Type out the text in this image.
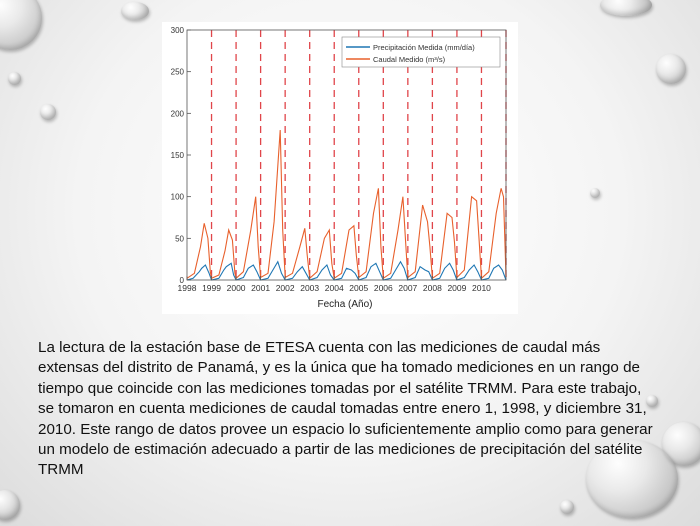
0
50
100
150
200
250
300
1998 1999 2000 2001 2002 2003 2004 2005 2006 2007 2008 2009 2010
Precipitación Medida (mm/día)
Caudal Medido (m³/s)
Fecha (Año)

La lectura de la estación base de ETESA cuenta con las mediciones de caudal más extensas del distrito de Panamá, y es la única que ha tomado mediciones en un rango de tiempo que coincide con las mediciones tomadas por el satélite TRMM. Para este trabajo, se tomaron en cuenta mediciones de caudal tomadas entre enero 1, 1998, y diciembre 31, 2010. Este rango de datos provee un espacio lo suficientemente amplio como para generar un modelo de estimación adecuado a partir de las mediciones de precipitación del satélite TRMM
